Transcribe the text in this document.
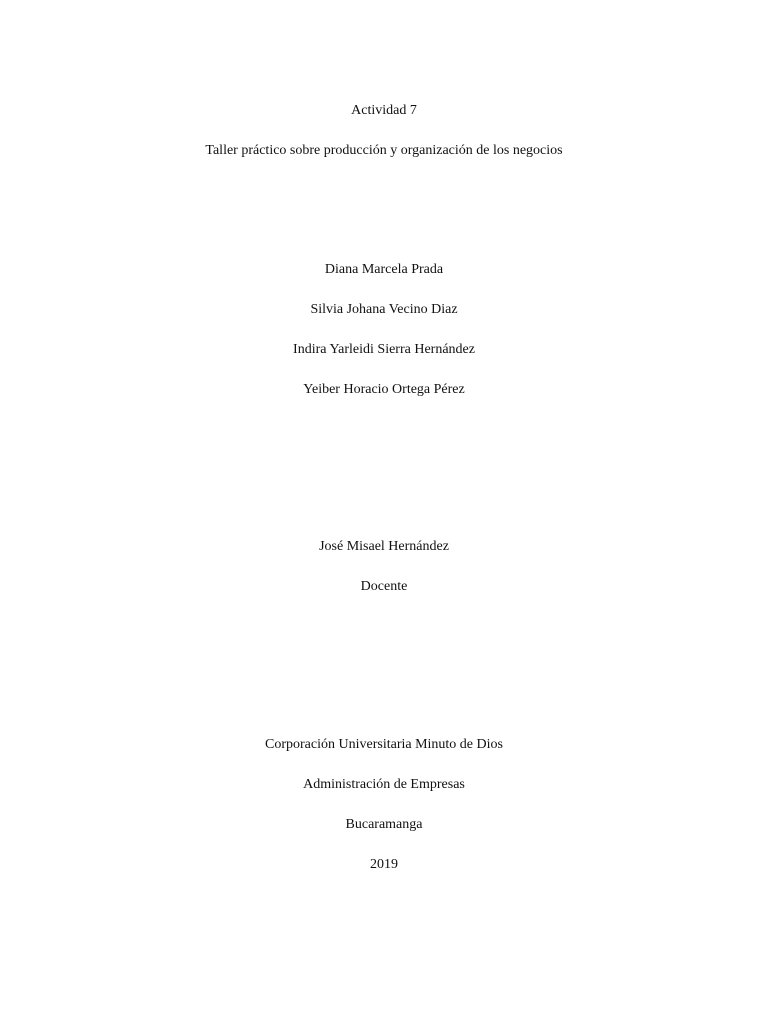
Actividad 7
Taller práctico sobre producción y organización de los negocios
Diana Marcela Prada
Silvia Johana Vecino Diaz
Indira Yarleidi Sierra Hernández
Yeiber Horacio Ortega Pérez
José Misael Hernández
Docente
Corporación Universitaria Minuto de Dios
Administración de Empresas
Bucaramanga
2019
